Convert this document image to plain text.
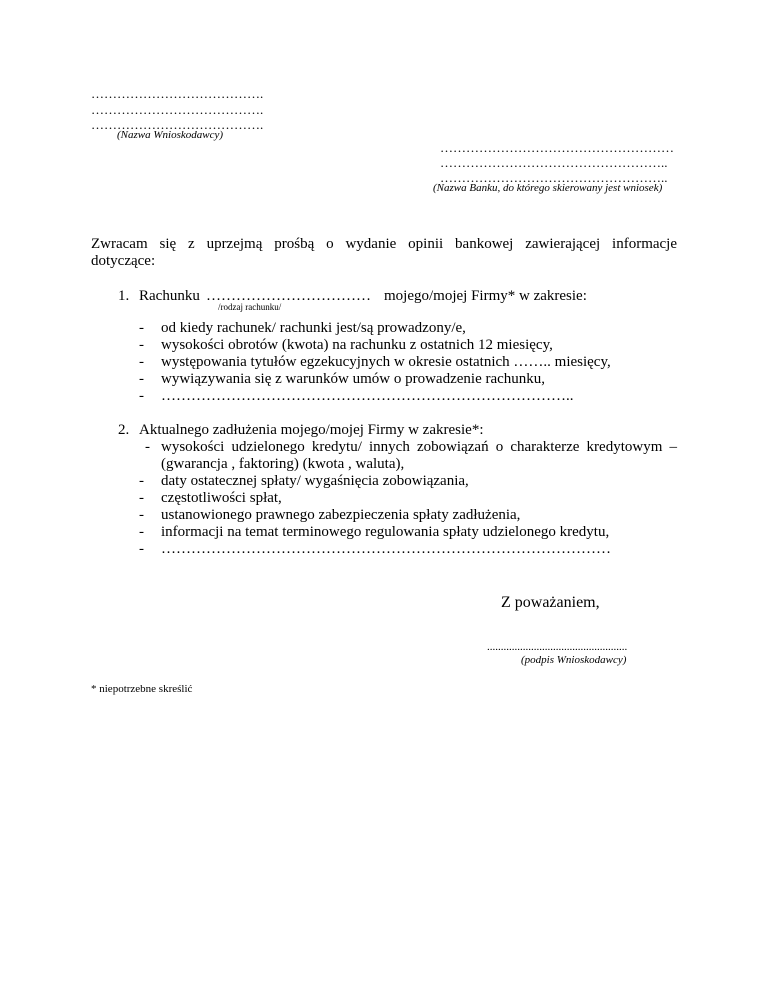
………………………………….
………………………………….
………………………………….
(Nazwa Wnioskodawcy)
………………………………………………
……………………………………………..
……………………………………………..
(Nazwa Banku, do którego skierowany jest wniosek)
Zwracam się z uprzejmą prośbą o wydanie opinii bankowej zawierającej informacje
dotyczące:
1. Rachunku …………………………… mojego/mojej Firmy* w zakresie:
/rodzaj rachunku/
-	od kiedy rachunek/ rachunki jest/są prowadzony/e,
-	wysokości obrotów (kwota) na rachunku z ostatnich 12 miesięcy,
-	występowania tytułów egzekucyjnych w okresie ostatnich …….. miesięcy,
-	wywiązywania się z warunków umów o prowadzenie rachunku,
-	………………………………………………………………………..
2. Aktualnego zadłużenia mojego/mojej Firmy w zakresie*:
- wysokości udzielonego kredytu/ innych zobowiązań o charakterze kredytowym –
(gwarancja , faktoring) (kwota , waluta),
-	daty ostatecznej spłaty/ wygaśnięcia zobowiązania,
-	częstotliwości spłat,
-	ustanowionego prawnego zabezpieczenia spłaty zadłużenia,
-	informacji na temat terminowego regulowania spłaty udzielonego kredytu,
-	………………………………………………………………………………
Z poważaniem,
...................................................
(podpis Wnioskodawcy)
* niepotrzebne skreślić
